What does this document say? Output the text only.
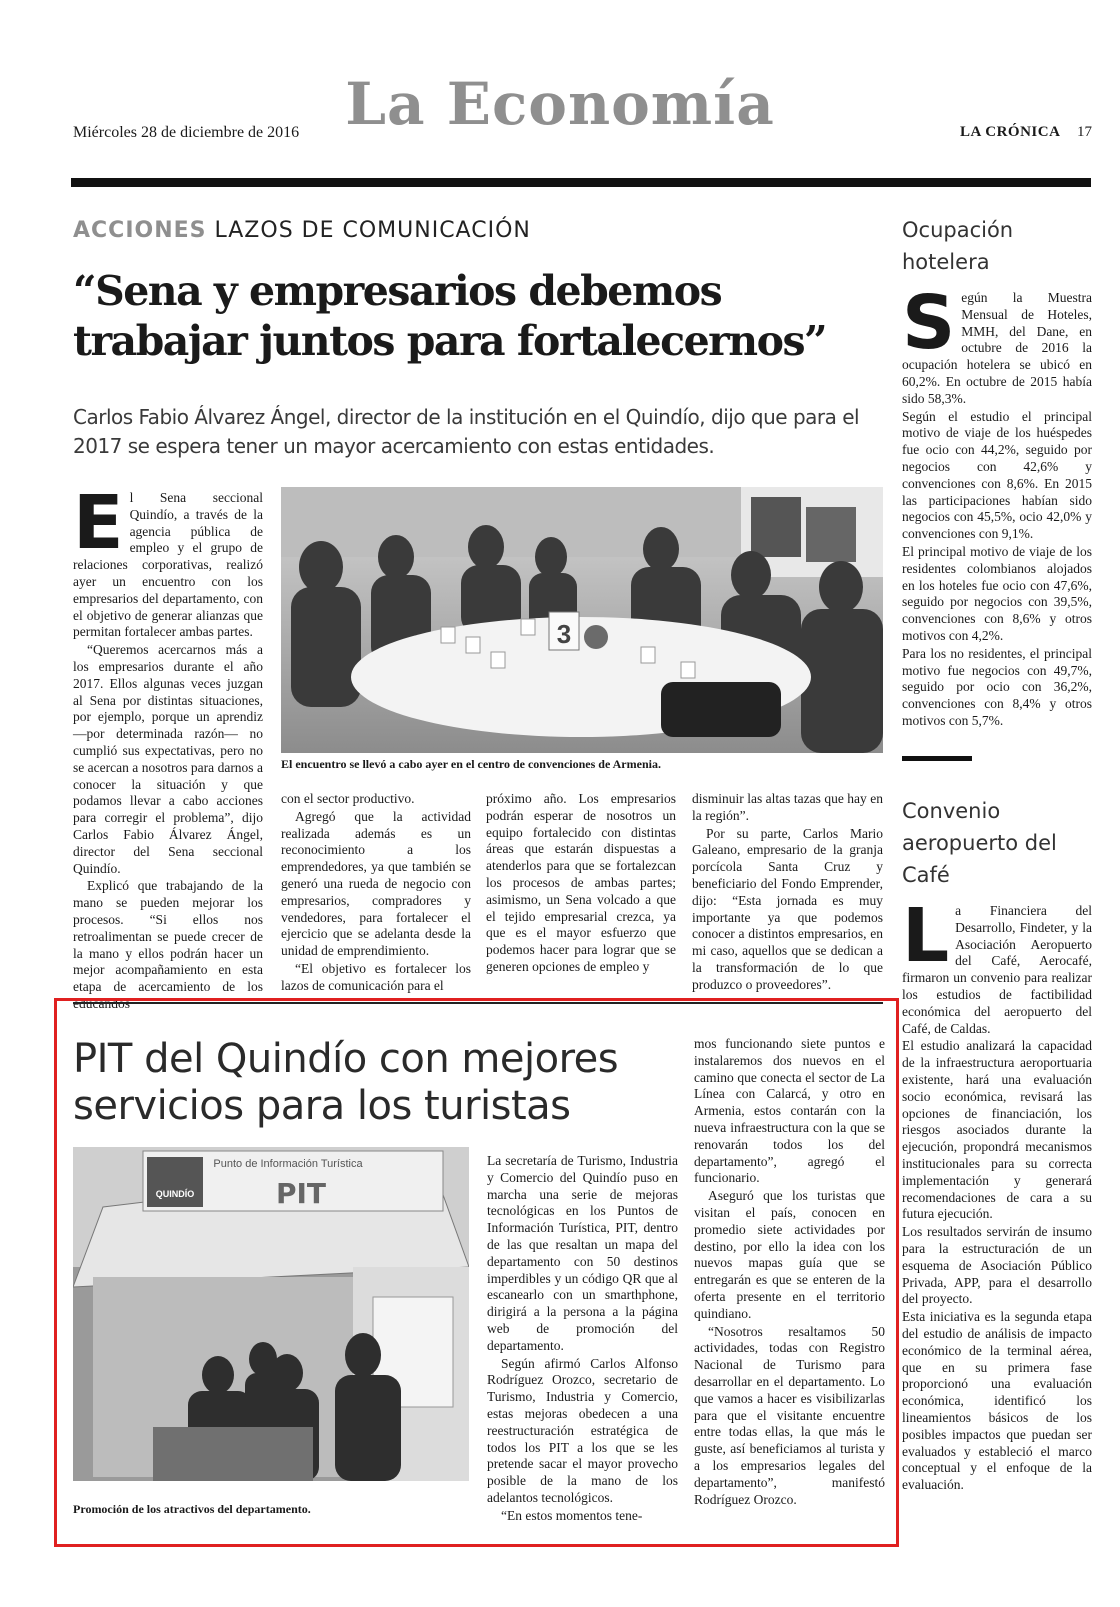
Miércoles 28 de diciembre de 2016 La Economía	LA CRÓNICA 17
ACCIONES LAZOS DE COMUNICACIÓN
“Sena y empresarios debemos trabajar juntos para fortalecernos”
Carlos Fabio Álvarez Ángel, director de la institución en el Quindío, dijo que para el 2017 se espera tener un mayor acercamiento con estas entidades.

El Sena seccional Quindío, a través de la agencia pública de empleo y el grupo de relaciones corporativas, realizó ayer un encuentro con los empresarios del departamento, con el objetivo de generar alianzas que permitan fortalecer ambas partes.

“Queremos acercarnos más a los empresarios durante el año 2017. Ellos algunas veces juzgan al Sena por distintas situaciones, por ejemplo, porque un aprendiz —por determinada razón— no cumplió sus expectativas, pero no se acercan a nosotros para darnos a conocer la situación y que podamos llevar a cabo acciones para corregir el problema”, dijo Carlos Fabio Álvarez Ángel, director del Sena seccional Quindío.

Explicó que trabajando de la mano se pueden mejorar los procesos. “Si ellos nos retroalimentan se puede crecer de la mano y ellos podrán hacer un mejor acompañamiento en esta etapa de acercamiento de los

3
El encuentro se llevó a cabo ayer en el centro de convenciones de Armenia.

con el sector productivo.

Agregó que la actividad realizada además es un reconocimiento a los emprendedores, ya que también se generó una rueda de negocio con empresarios, compradores y vendedores, para fortalecer el ejercicio que se adelanta desde la unidad de emprendimiento.

“El objetivo es fortalecer los lazos de comunicación para el

próximo año. Los empresarios podrán esperar de nosotros un equipo fortalecido con distintas áreas que estarán dispuestas a atenderlos para que se fortalezcan los procesos de ambas partes; asimismo, un Sena volcado a que el tejido empresarial crezca, ya que es el mayor esfuerzo que podemos hacer para lograr que se generen opciones de empleo y

disminuir las altas tazas que hay en la región”.

Por su parte, Carlos Mario Galeano, empresario de la granja porcícola Santa Cruz y beneficiario del Fondo Emprender, dijo: “Esta jornada es muy importante ya que podemos conocer a distintos empresarios, en mi caso, aquellos que se dedican a la transformación de lo que produzco o proveedores”.

Ocupación hotelera

Según la Muestra Mensual de Hoteles, MMH, del Dane, en octubre de 2016 la ocupación hotelera se ubicó en 60,2%. En octubre de 2015 había sido 58,3%.

Según el estudio el principal motivo de viaje de los huéspedes fue ocio con 44,2%, seguido por negocios con 42,6% y convenciones con 8,6%. En 2015 las participaciones habían sido negocios con 45,5%, ocio 42,0% y convenciones con 9,1%.

El principal motivo de viaje de los residentes colombianos alojados en los hoteles fue ocio con 47,6%, seguido por negocios con 39,5%, convenciones con 8,6% y otros motivos con 4,2%.

Para los no residentes, el principal motivo fue negocios con 49,7%, seguido por ocio con 36,2%, convenciones con 8,4% y otros motivos con 5,7%.

Convenio aeropuerto del Café

La Financiera del Desarrollo, Findeter, y la Asociación Aeropuerto del Café, Aerocafé, firmaron un convenio para realizar los estudios de factibilidad económica del aeropuerto del Café, de Caldas.

El estudio analizará la capacidad de la infraestructura aeroportuaria existente, hará una evaluación socio económica, revisará las opciones de financiación, los riesgos asociados durante la ejecución, propondrá mecanismos institucionales para su correcta implementación y generará recomendaciones de cara a su futura ejecución.

Los resultados servirán de insumo para la estructuración de un esquema de Asociación Público Privada, APP, para el desarrollo del proyecto.

Esta iniciativa es la segunda etapa del estudio de análisis de impacto económico de la terminal aérea, que en su primera fase proporcionó una evaluación económica, identificó los lineamientos básicos de los posibles impactos que puedan ser evaluados y estableció el marco conceptual y el enfoque de la evaluación.

PIT del Quindío con mejores servicios para los turistas
Punto de Información Turística
PIT
QUINDÍO
Promoción de los atractivos del departamento.

La secretaría de Turismo, Industria y Comercio del Quindío puso en marcha una serie de mejoras tecnológicas en los Puntos de Información Turística, PIT, dentro de las que resaltan un mapa del departamento con 50 destinos imperdibles y un código QR que al escanearlo con un smarthphone, dirigirá a la persona a la página web de promoción del departamento.

Según afirmó Carlos Alfonso Rodríguez Orozco, secretario de Turismo, Industria y Comercio, estas mejoras obedecen a una reestructuración estratégica de todos los PIT a los que se les pretende sacar el mayor provecho posible de la mano de los adelantos tecnológicos.

“En estos momentos tene-

mos funcionando siete puntos e instalaremos dos nuevos en el camino que conecta el sector de La Línea con Calarcá, y otro en Armenia, estos contarán con la nueva infraestructura con la que se renovarán todos los del departamento”, agregó el funcionario.

Aseguró que los turistas que visitan el país, conocen en promedio siete actividades por destino, por ello la idea con los nuevos mapas guía que se entregarán es que se enteren de la oferta presente en el territorio quindiano.

“Nosotros resaltamos 50 actividades, todas con Registro Nacional de Turismo para desarrollar en el departamento. Lo que vamos a hacer es visibilizarlas para que el visitante encuentre entre todas ellas, la que más le guste, así beneficiamos al turista y a los empresarios legales del departamento”, manifestó Rodríguez Orozco.
